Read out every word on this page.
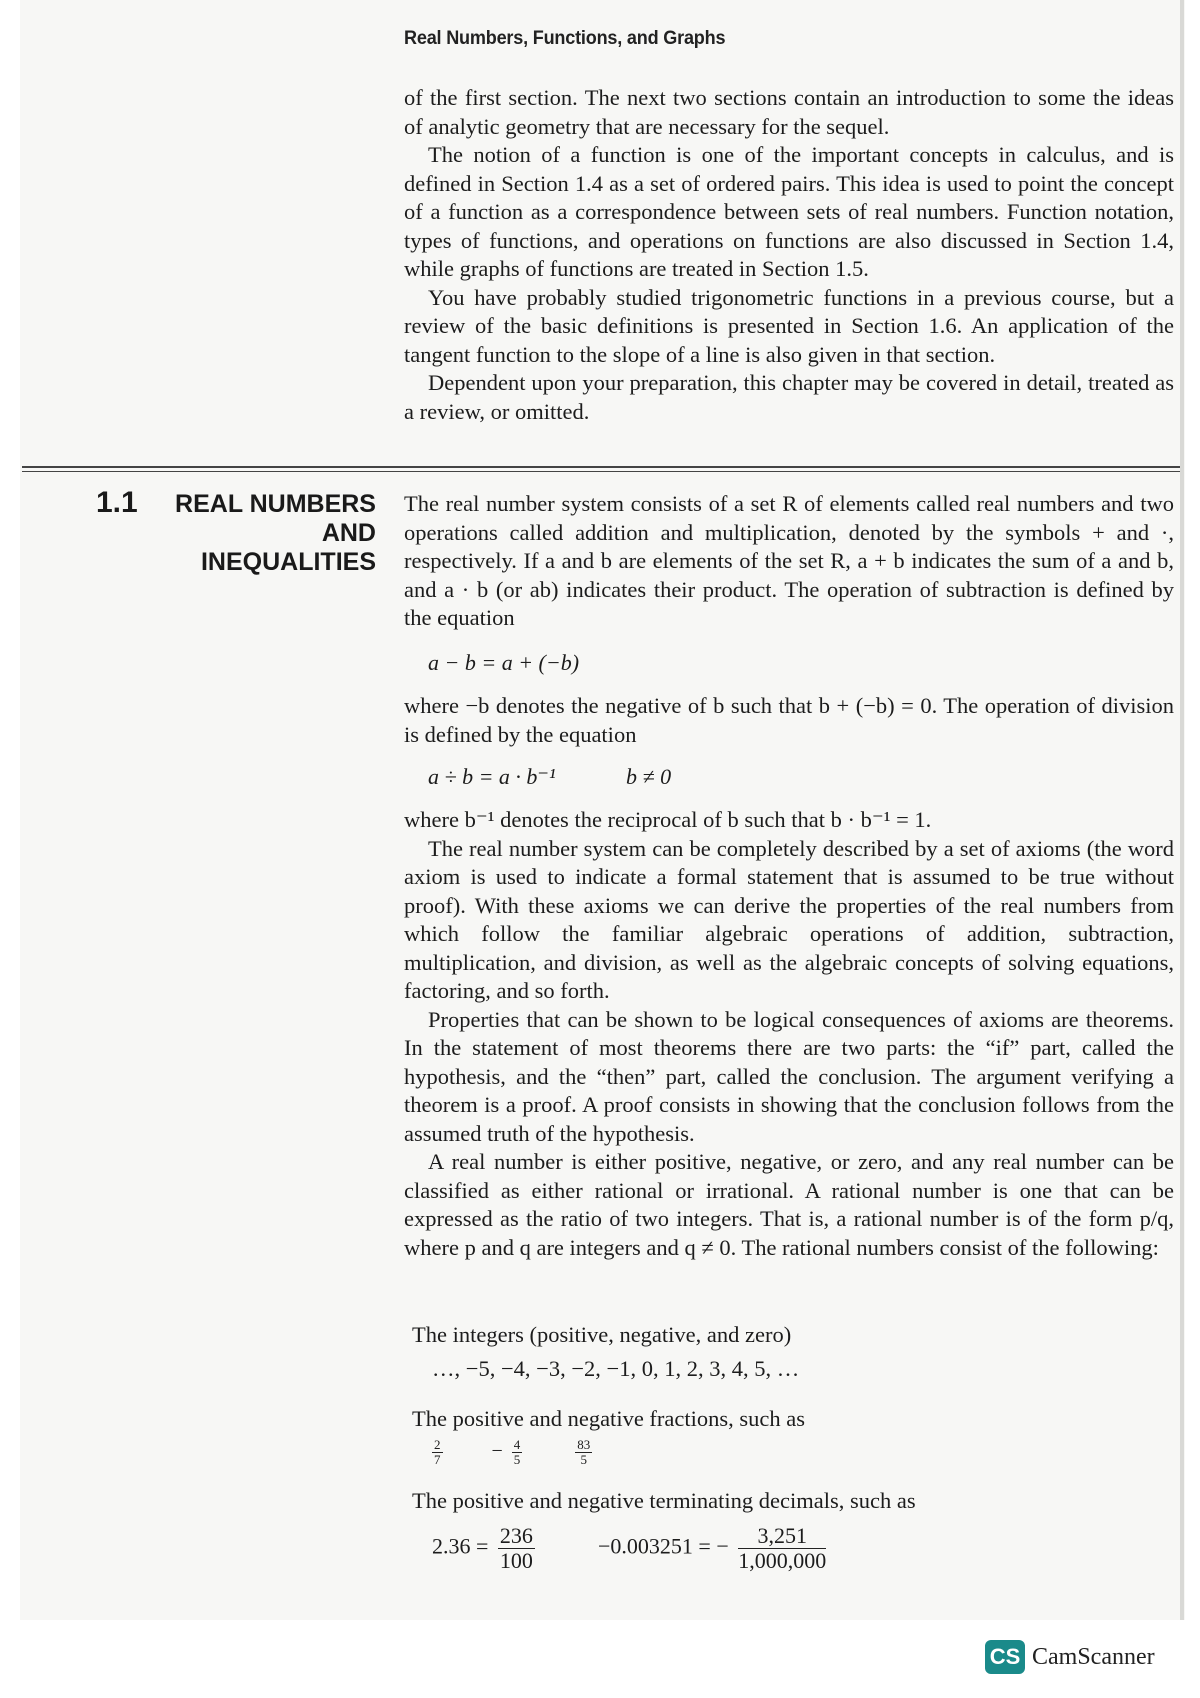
Real Numbers, Functions, and Graphs

of the first section. The next two sections contain an introduction to some the ideas of analytic geometry that are necessary for the sequel.

The notion of a function is one of the important concepts in calculus, and is defined in Section 1.4 as a set of ordered pairs. This idea is used to point the concept of a function as a correspondence between sets of real numbers. Function notation, types of functions, and operations on functions are also discussed in Section 1.4, while graphs of functions are treated in Section 1.5.

You have probably studied trigonometric functions in a previous course, but a review of the basic definitions is presented in Section 1.6. An application of the tangent function to the slope of a line is also given in that section.

Dependent upon your preparation, this chapter may be covered in detail, treated as a review, or omitted.

1.1	REAL NUMBERS
AND INEQUALITIES

The real number system consists of a set R of elements called real numbers and two operations called addition and multiplication, denoted by the symbols + and ·, respectively. If a and b are elements of the set R, a + b indicates the sum of a and b, and a · b (or ab) indicates their product. The operation of subtraction is defined by the equation

a − b = a + (−b)

where −b denotes the negative of b such that b + (−b) = 0. The operation of division is defined by the equation

a ÷ b = a · b⁻¹	b ≠ 0

where b⁻¹ denotes the reciprocal of b such that b · b⁻¹ = 1.

The real number system can be completely described by a set of axioms (the word axiom is used to indicate a formal statement that is assumed to be true without proof). With these axioms we can derive the properties of the real numbers from which follow the familiar algebraic operations of addition, subtraction, multiplication, and division, as well as the algebraic concepts of solving equations, factoring, and so forth.

Properties that can be shown to be logical consequences of axioms are theorems. In the statement of most theorems there are two parts: the “if” part, called the hypothesis, and the “then” part, called the conclusion. The argument verifying a theorem is a proof. A proof consists in showing that the conclusion follows from the assumed truth of the hypothesis.

A real number is either positive, negative, or zero, and any real number can be classified as either rational or irrational. A rational number is one that can be expressed as the ratio of two integers. That is, a rational number is of the form p/q, where p and q are integers and q ≠ 0. The rational numbers consist of the following:

The integers (positive, negative, and zero)
…, −5, −4, −3, −2, −1, 0, 1, 2, 3, 4, 5, …
The positive and negative fractions, such as
$\frac{2}{7} - \frac{4}{5}$
	$\frac{83}{5}$
The positive and negative terminating decimals, such as
$2.36 = \frac{236}{100}$	−0.003251 = − $\frac{3,251}{1,000,000}$
CS CamScanner
